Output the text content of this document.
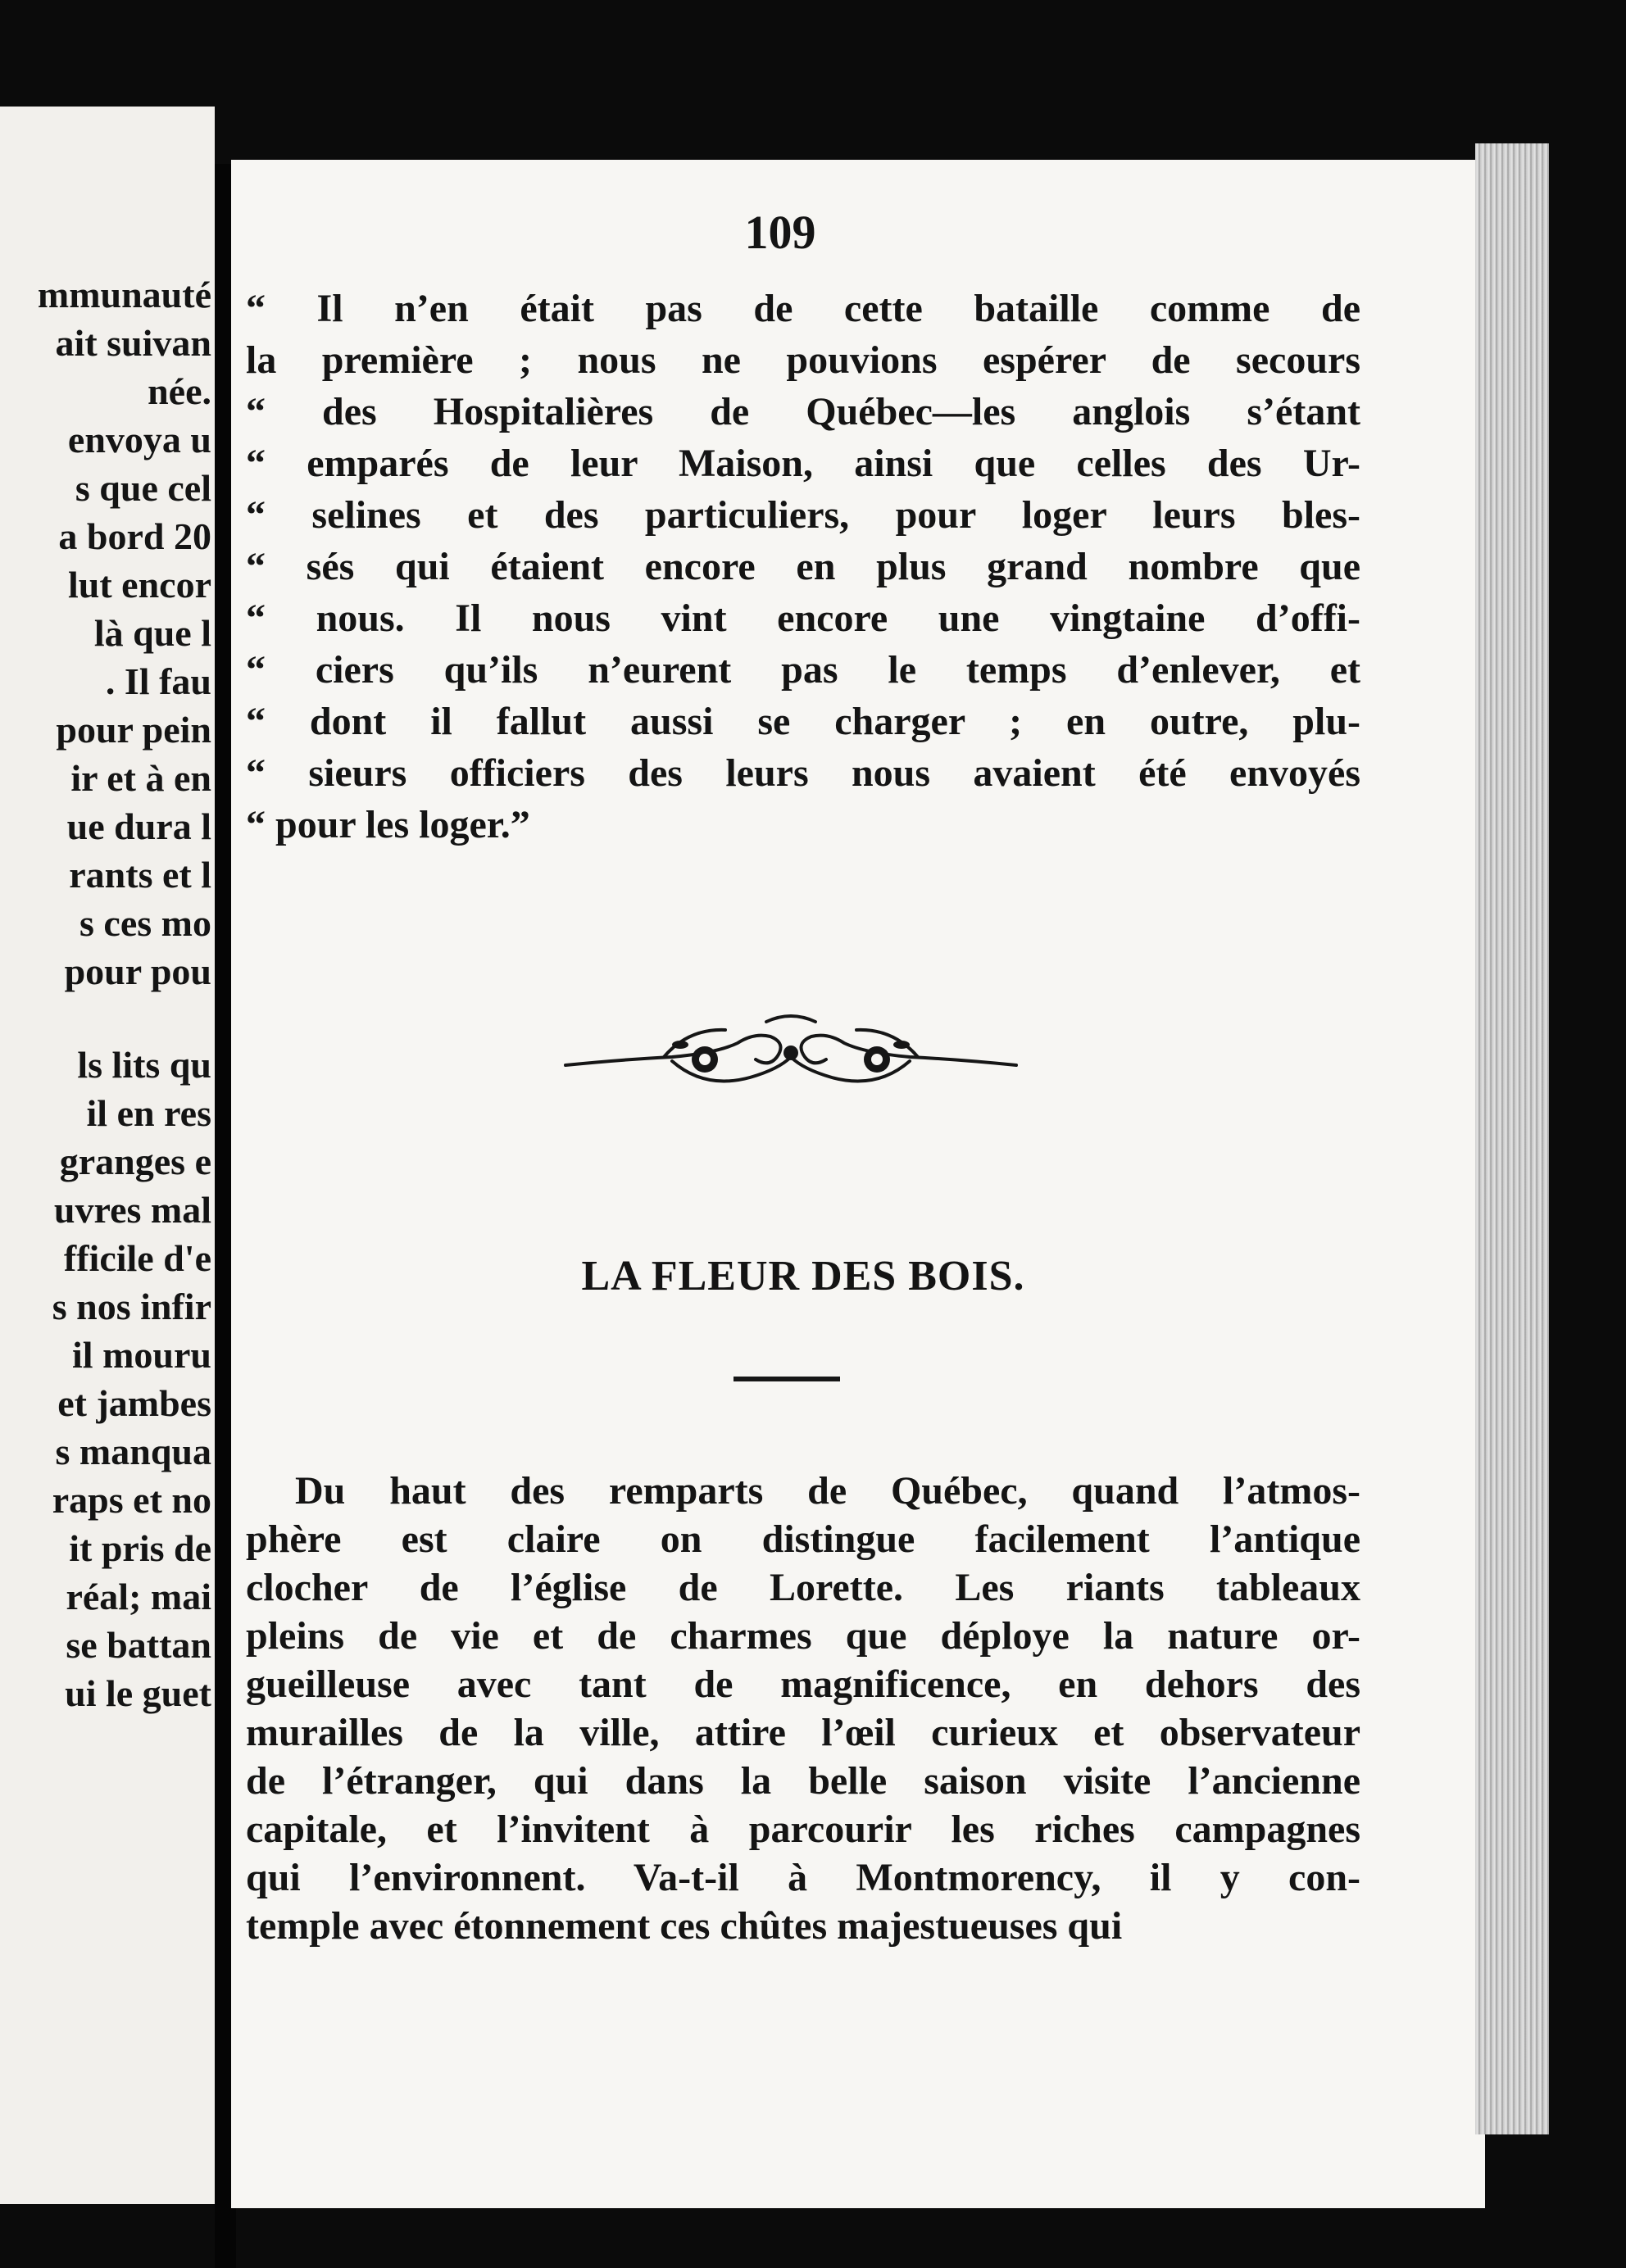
mmunauté
ait suivan
née.
envoya u
s que cel
a bord 20
lut encor
là que l
. Il fau
pour pein
ir et à en
ue dura l
rants et l
s ces mo
pour pou
ls lits qu
il en res
granges e
uvres mal
fficile d'e
s nos infir
il mouru
et jambes
s manqua
raps et no
it pris de
réal; mai
se battan
ui le guet
109
“ Il n’en était pas de cette bataille comme de
la première ; nous ne pouvions espérer de secours
“ des Hospitalières de Québec—les anglois s’étant
“ emparés de leur Maison, ainsi que celles des Ur-
“ selines et des particuliers, pour loger leurs bles-
“ sés qui étaient encore en plus grand nombre que
“ nous. Il nous vint encore une vingtaine d’offi-
“ ciers qu’ils n’eurent pas le temps d’enlever, et
“ dont il fallut aussi se charger ; en outre, plu-
“ sieurs officiers des leurs nous avaient été envoyés
“ pour les loger.”
LA FLEUR DES BOIS.
Du haut des remparts de Québec, quand l’atmos-
phère est claire on distingue facilement l’antique
clocher de l’église de Lorette. Les riants tableaux
pleins de vie et de charmes que déploye la nature or-
gueilleuse avec tant de magnificence, en dehors des
murailles de la ville, attire l’œil curieux et observateur
de l’étranger, qui dans la belle saison visite l’ancienne
capitale, et l’invitent à parcourir les riches campagnes
qui l’environnent. Va-t-il à Montmorency, il y con-
temple avec étonnement ces chûtes majestueuses qui
